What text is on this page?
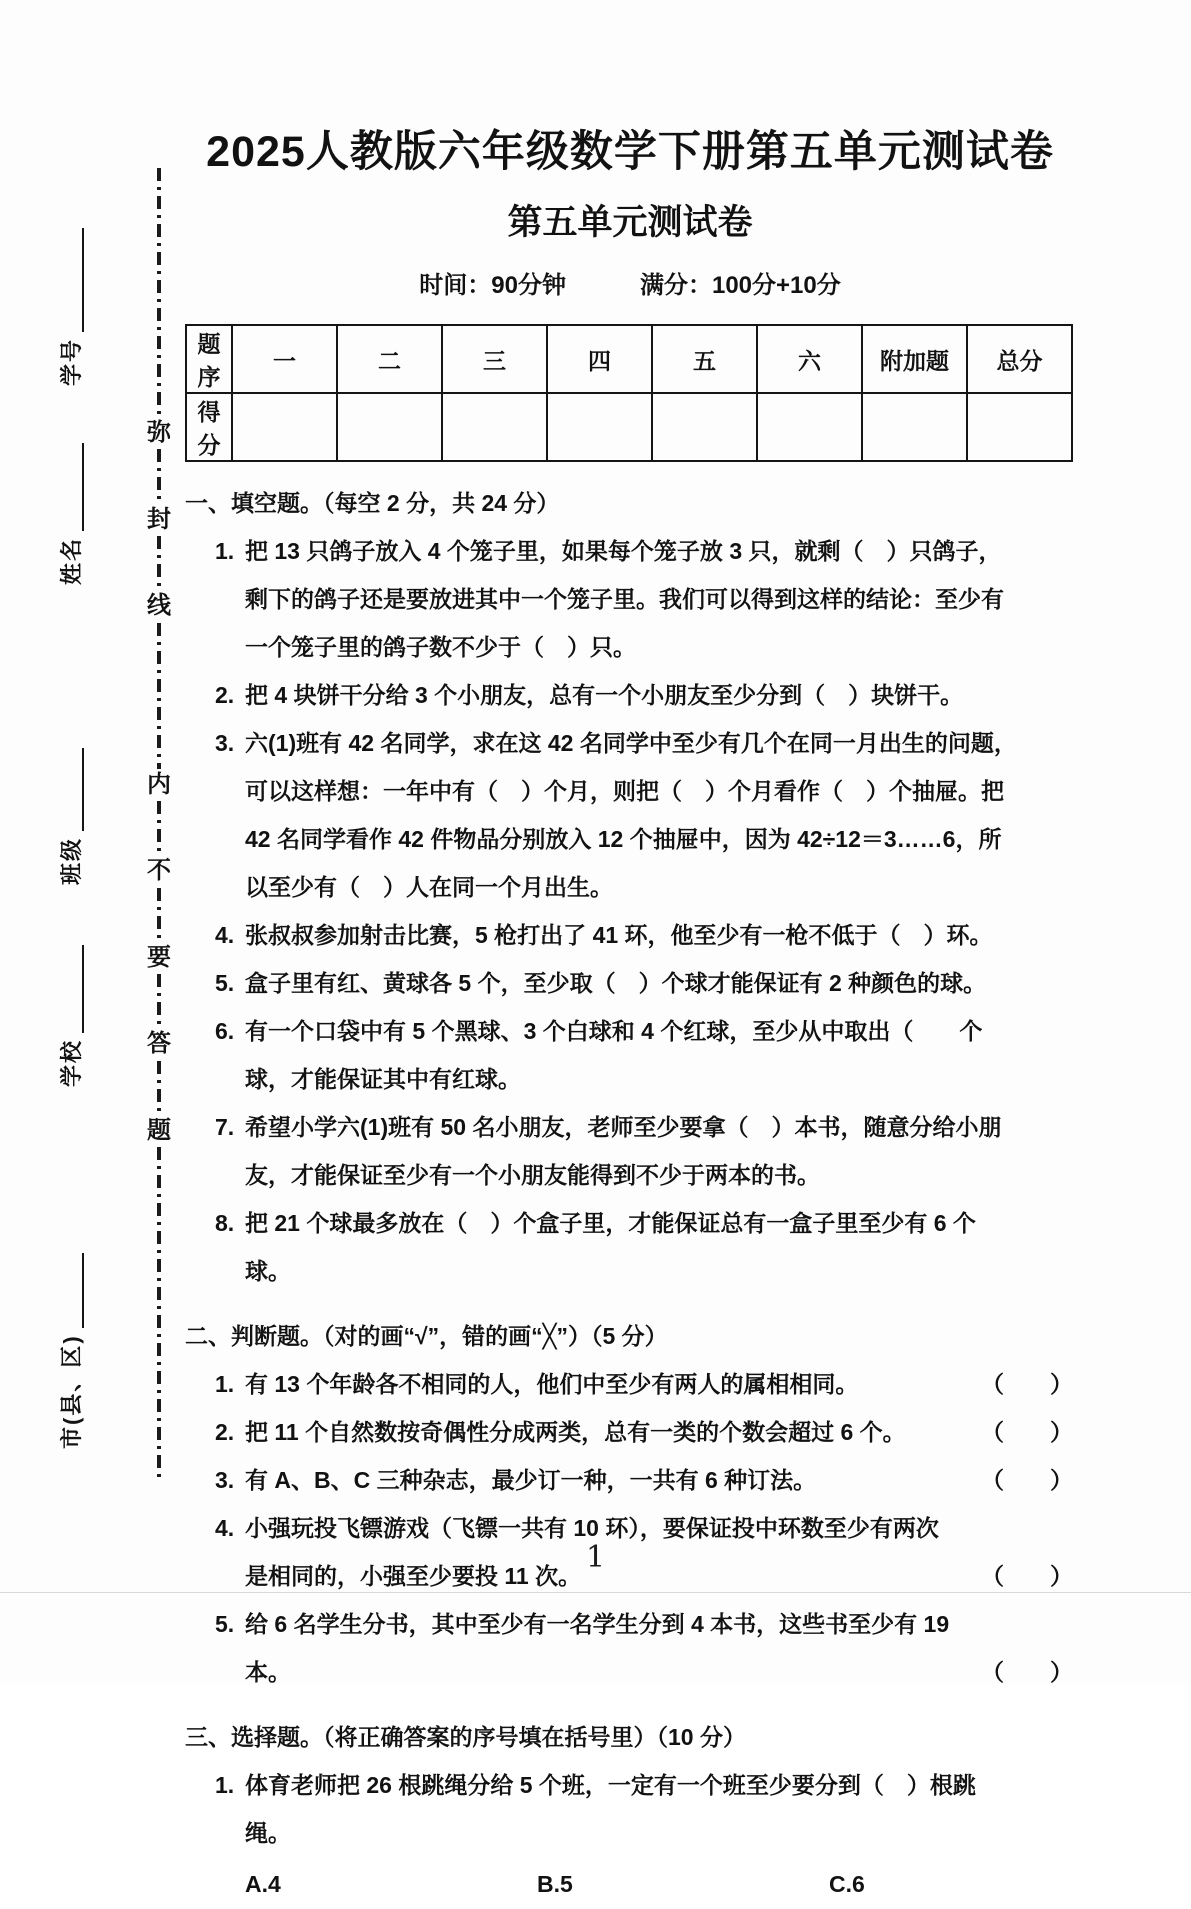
学号
姓名
班级
学校
市(县、区)
弥
封
线
内
不
要
答
题
2025人教版六年级数学下册第五单元测试卷
第五单元测试卷
时间：90分钟	满分：100分+10分
题序	一	二	三	四	五	六	附加题	总分
得分								
一、填空题。（每空 2 分，共 24 分）
1. 把 13 只鸽子放入 4 个笼子里，如果每个笼子放 3 只，就剩（　）只鸽子，剩下的鸽子还是要放进其中一个笼子里。我们可以得到这样的结论：至少有一个笼子里的鸽子数不少于（　）只。
2. 把 4 块饼干分给 3 个小朋友，总有一个小朋友至少分到（　）块饼干。
3. 六(1)班有 42 名同学，求在这 42 名同学中至少有几个在同一月出生的问题，可以这样想：一年中有（　）个月，则把（　）个月看作（　）个抽屉。把 42 名同学看作 42 件物品分别放入 12 个抽屉中，因为 42÷12＝3……6，所以至少有（　）人在同一个月出生。
4. 张叔叔参加射击比赛，5 枪打出了 41 环，他至少有一枪不低于（　）环。
5. 盒子里有红、黄球各 5 个，至少取（　）个球才能保证有 2 种颜色的球。
6. 有一个口袋中有 5 个黑球、3 个白球和 4 个红球，至少从中取出（　　个球，才能保证其中有红球。
7. 希望小学六(1)班有 50 名小朋友，老师至少要拿（　）本书，随意分给小朋友，才能保证至少有一个小朋友能得到不少于两本的书。
8. 把 21 个球最多放在（　）个盒子里，才能保证总有一盒子里至少有 6 个球。
二、判断题。（对的画“√”，错的画“╳”）（5 分）
1. 有 13 个年龄各不相同的人，他们中至少有两人的属相相同。	（　　）
2. 把 11 个自然数按奇偶性分成两类，总有一类的个数会超过 6 个。	（　　）
3. 有 A、B、C 三种杂志，最少订一种，一共有 6 种订法。	（　　）
4. 小强玩投飞镖游戏（飞镖一共有 10 环），要保证投中环数至少有两次是相同的，小强至少要投 11 次。	（　　）
5. 给 6 名学生分书，其中至少有一名学生分到 4 本书，这些书至少有 19 本。	（　　）
三、选择题。（将正确答案的序号填在括号里）（10 分）
1. 体育老师把 26 根跳绳分给 5 个班，一定有一个班至少要分到（　）根跳绳。
A.4	B.5	C.6
1
